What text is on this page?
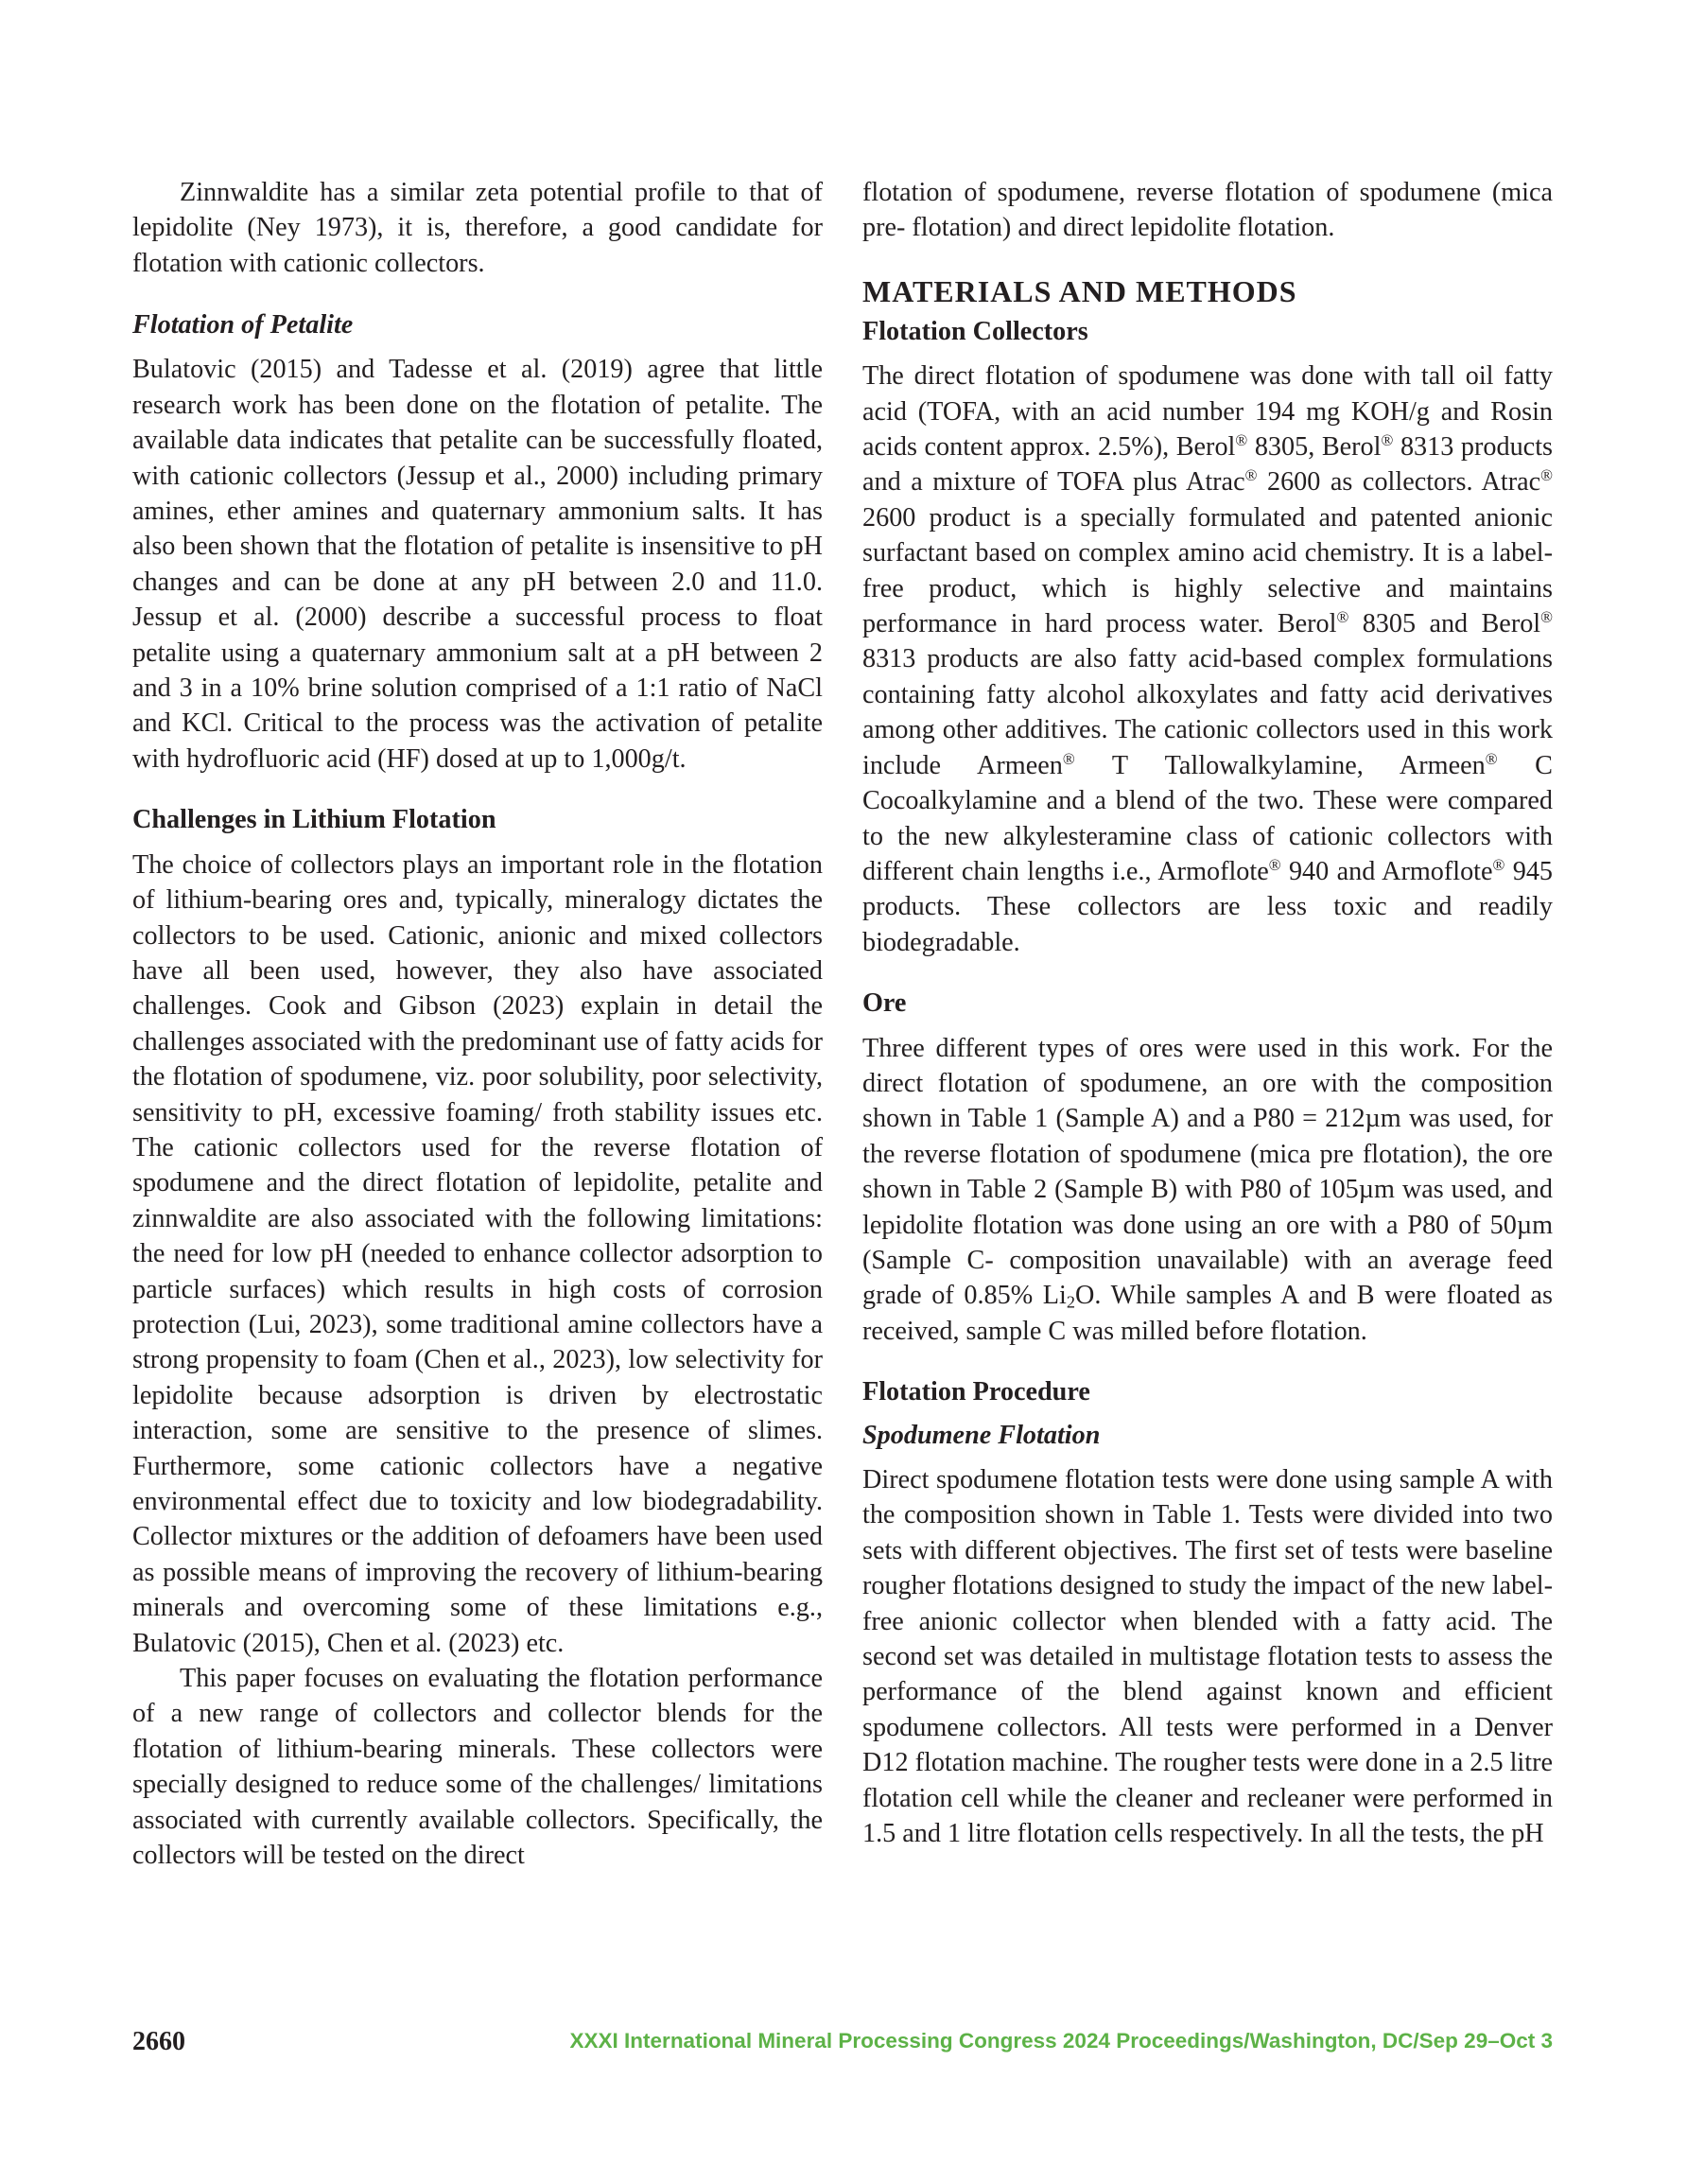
Zinnwaldite has a similar zeta potential profile to that of lepidolite (Ney 1973), it is, therefore, a good candidate for flotation with cationic collectors.

Flotation of Petalite

Bulatovic (2015) and Tadesse et al. (2019) agree that little research work has been done on the flotation of petalite. The available data indicates that petalite can be successfully floated, with cationic collectors (Jessup et al., 2000) including primary amines, ether amines and quaternary ammonium salts. It has also been shown that the flotation of petalite is insensitive to pH changes and can be done at any pH between 2.0 and 11.0. Jessup et al. (2000) describe a successful process to float petalite using a quaternary ammonium salt at a pH between 2 and 3 in a 10% brine solution comprised of a 1:1 ratio of NaCl and KCl. Critical to the process was the activation of petalite with hydrofluoric acid (HF) dosed at up to 1,000g/t.

Challenges in Lithium Flotation

The choice of collectors plays an important role in the flotation of lithium-bearing ores and, typically, mineralogy dictates the collectors to be used. Cationic, anionic and mixed collectors have all been used, however, they also have associated challenges. Cook and Gibson (2023) explain in detail the challenges associated with the predominant use of fatty acids for the flotation of spodumene, viz. poor solubility, poor selectivity, sensitivity to pH, excessive foaming/ froth stability issues etc. The cationic collectors used for the reverse flotation of spodumene and the direct flotation of lepidolite, petalite and zinnwaldite are also associated with the following limitations: the need for low pH (needed to enhance collector adsorption to particle surfaces) which results in high costs of corrosion protection (Lui, 2023), some traditional amine collectors have a strong propensity to foam (Chen et al., 2023), low selectivity for lepidolite because adsorption is driven by electrostatic interaction, some are sensitive to the presence of slimes. Furthermore, some cationic collectors have a negative environmental effect due to toxicity and low biodegradability. Collector mixtures or the addition of defoamers have been used as possible means of improving the recovery of lithium-bearing minerals and overcoming some of these limitations e.g., Bulatovic (2015), Chen et al. (2023) etc.

This paper focuses on evaluating the flotation performance of a new range of collectors and collector blends for the flotation of lithium-bearing minerals. These collectors were specially designed to reduce some of the challenges/ limitations associated with currently available collectors. Specifically, the collectors will be tested on the direct

flotation of spodumene, reverse flotation of spodumene (mica pre- flotation) and direct lepidolite flotation.

MATERIALS AND METHODS
Flotation Collectors

The direct flotation of spodumene was done with tall oil fatty acid (TOFA, with an acid number 194 mg KOH/g and Rosin acids content approx. 2.5%), Berol® 8305, Berol® 8313 products and a mixture of TOFA plus Atrac® 2600 as collectors. Atrac® 2600 product is a specially formulated and patented anionic surfactant based on complex amino acid chemistry. It is a label-free product, which is highly selective and maintains performance in hard process water. Berol® 8305 and Berol® 8313 products are also fatty acid-based complex formulations containing fatty alcohol alkoxylates and fatty acid derivatives among other additives. The cationic collectors used in this work include Armeen® T Tallowalkylamine, Armeen® C Cocoalkylamine and a blend of the two. These were compared to the new alkylesteramine class of cationic collectors with different chain lengths i.e., Armoflote® 940 and Armoflote® 945 products. These collectors are less toxic and readily biodegradable.

Ore

Three different types of ores were used in this work. For the direct flotation of spodumene, an ore with the composition shown in Table 1 (Sample A) and a P80 = 212µm was used, for the reverse flotation of spodumene (mica pre flotation), the ore shown in Table 2 (Sample B) with P80 of 105µm was used, and lepidolite flotation was done using an ore with a P80 of 50µm (Sample C- composition unavailable) with an average feed grade of 0.85% $Li_2O$. While samples A and B were floated as received, sample C was milled before flotation.

Flotation Procedure
Spodumene Flotation

Direct spodumene flotation tests were done using sample A with the composition shown in Table 1. Tests were divided into two sets with different objectives. The first set of tests were baseline rougher flotations designed to study the impact of the new label-free anionic collector when blended with a fatty acid. The second set was detailed in multistage flotation tests to assess the performance of the blend against known and efficient spodumene collectors. All tests were performed in a Denver D12 flotation machine. The rougher tests were done in a 2.5 litre flotation cell while the cleaner and recleaner were performed in 1.5 and 1 litre flotation cells respectively. In all the tests, the pH

2660	XXXI International Mineral Processing Congress 2024 Proceedings/Washington, DC/Sep 29–Oct 3
